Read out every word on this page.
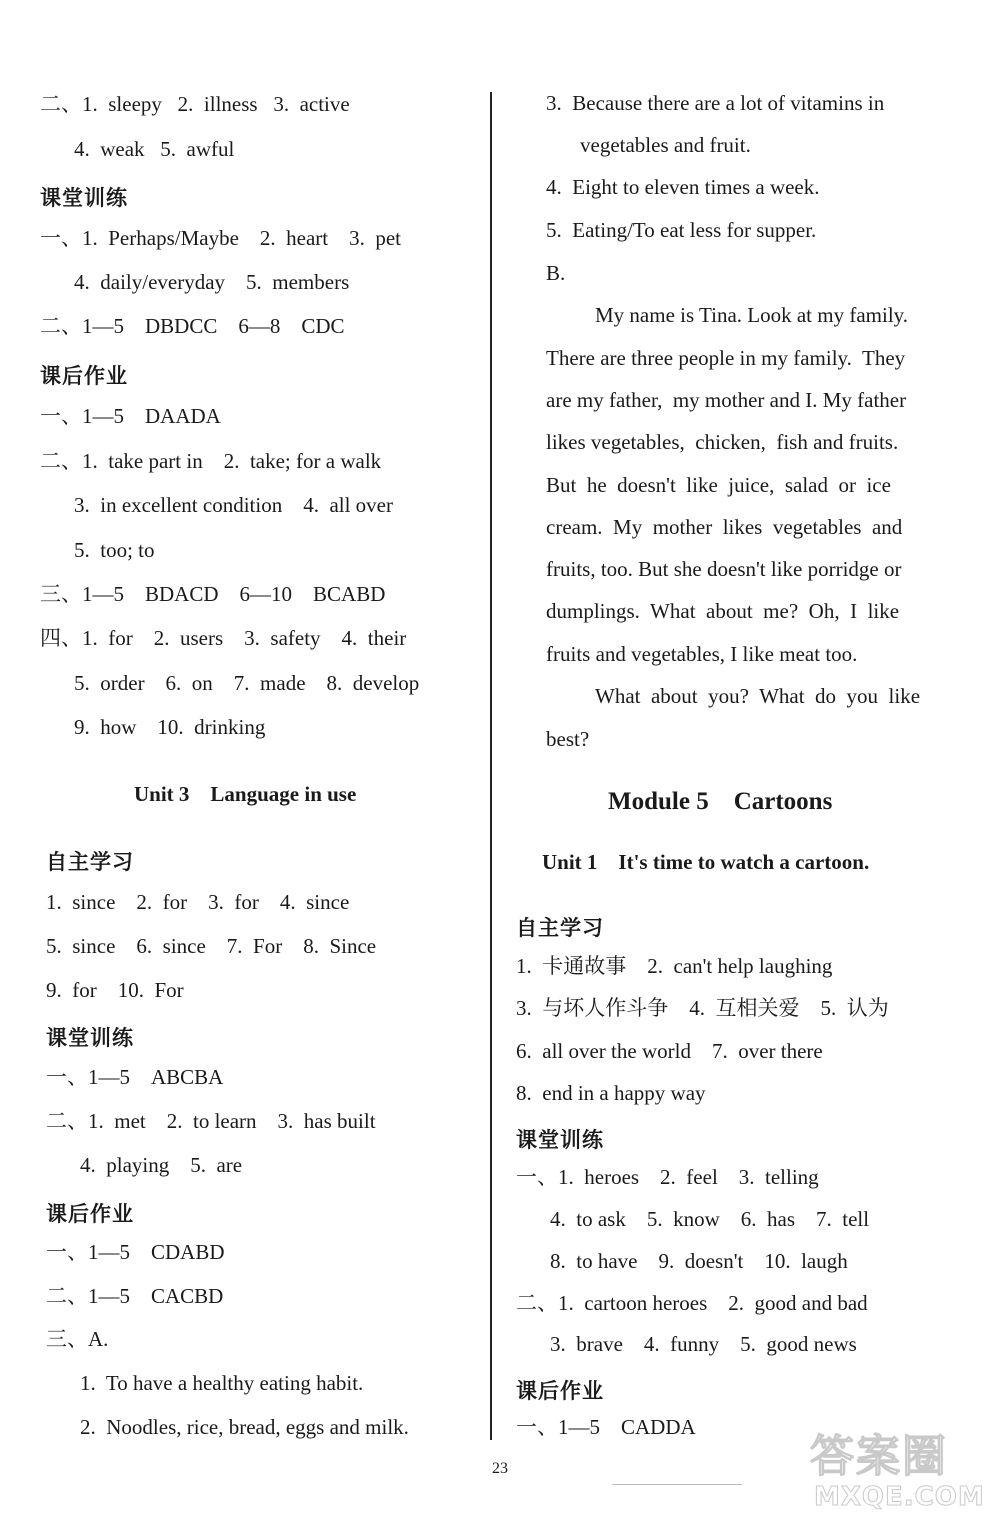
二、1.  sleepy   2.  illness   3.  active
4.  weak   5.  awful
课堂训练
一、1.  Perhaps/Maybe    2.  heart    3.  pet
4.  daily/everyday    5.  members
二、1—5    DBDCC    6—8    CDC
课后作业
一、1—5    DAADA
二、1.  take part in    2.  take; for a walk
3.  in excellent condition    4.  all over
5.  too; to
三、1—5    BDACD    6—10    BCABD
四、1.  for    2.  users    3.  safety    4.  their
5.  order    6.  on    7.  made    8.  develop
9.  how    10.  drinking
Unit 3    Language in use
自主学习
1.  since    2.  for    3.  for    4.  since
5.  since    6.  since    7.  For    8.  Since
9.  for    10.  For
课堂训练
一、1—5    ABCBA
二、1.  met    2.  to learn    3.  has built
4.  playing    5.  are
课后作业
一、1—5    CDABD
二、1—5    CACBD
三、A.
1.  To have a healthy eating habit.
2.  Noodles, rice, bread, eggs and milk.
3.  Because there are a lot of vitamins in
vegetables and fruit.
4.  Eight to eleven times a week.
5.  Eating/To eat less for supper.
B.
My name is Tina. Look at my family.
There are three people in my family.  They
are my father,  my mother and I. My father
likes vegetables,  chicken,  fish and fruits.
But  he  doesn't  like  juice,  salad  or  ice
cream.  My  mother  likes  vegetables  and
fruits, too. But she doesn't like porridge or
dumplings.  What  about  me?  Oh,  I  like
fruits and vegetables, I like meat too.
What  about  you?  What  do  you  like
best?
Module 5    Cartoons
Unit 1    It's time to watch a cartoon.
自主学习
1.  卡通故事    2.  can't help laughing
3.  与坏人作斗争    4.  互相关爱    5.  认为
6.  all over the world    7.  over there
8.  end in a happy way
课堂训练
一、1.  heroes    2.  feel    3.  telling
4.  to ask    5.  know    6.  has    7.  tell
8.  to have    9.  doesn't    10.  laugh
二、1.  cartoon heroes    2.  good and bad
3.  brave    4.  funny    5.  good news
课后作业
一、1—5    CADDA
23	答案圈
MXQE.COM
